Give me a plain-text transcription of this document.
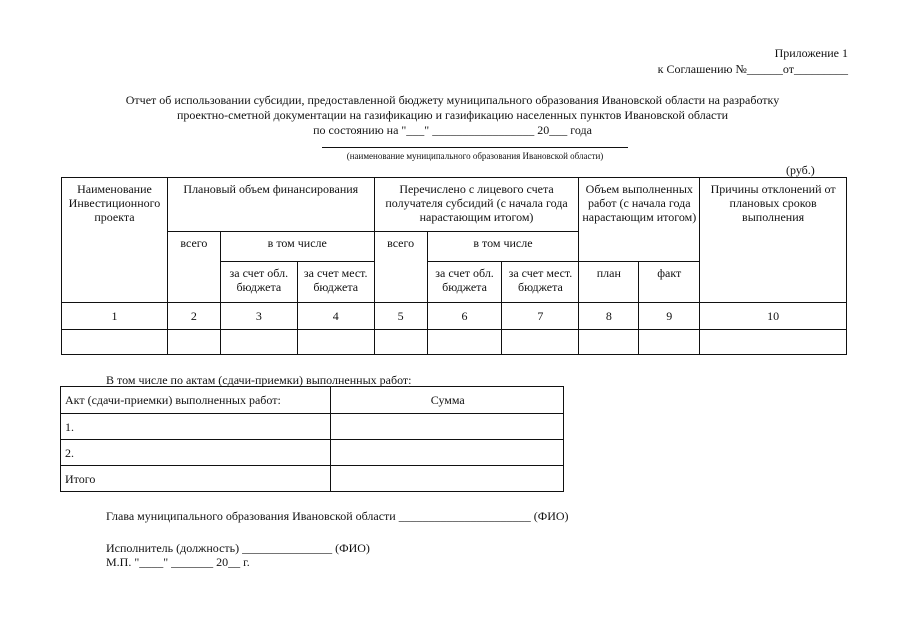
Приложение 1
к Соглашению №______от_________
Отчет об использовании субсидии, предоставленной бюджету муниципального образования Ивановской области на разработку
проектно-сметной документации на газификацию и газификацию населенных пунктов Ивановской области
по состоянию на "___" _________________ 20___ года
(наименование муниципального образования Ивановской области)
(руб.)
Наименование Инвестиционного проекта	Плановый объем финансирования			Перечислено с лицевого счета получателя субсидий (с начала года нарастающим итогом)			Объем выполненных работ (с начала года нарастающим итогом)		Причины отклонений от плановых сроков выполнения
	всего	в том числе		всего	в том числе				
		за счет обл. бюджета	за счет мест. бюджета		за счет обл. бюджета	за счет мест. бюджета	план	факт	
1	2	3	4	5	6	7	8	9	10

В том числе по актам (сдачи-приемки) выполненных работ:
Акт (сдачи-приемки) выполненных работ:	Сумма
1.	
2.	
Итого	
Глава муниципального образования Ивановской области ______________________ (ФИО)
Исполнитель (должность) _______________ (ФИО)
М.П. "____" _______ 20__ г.
